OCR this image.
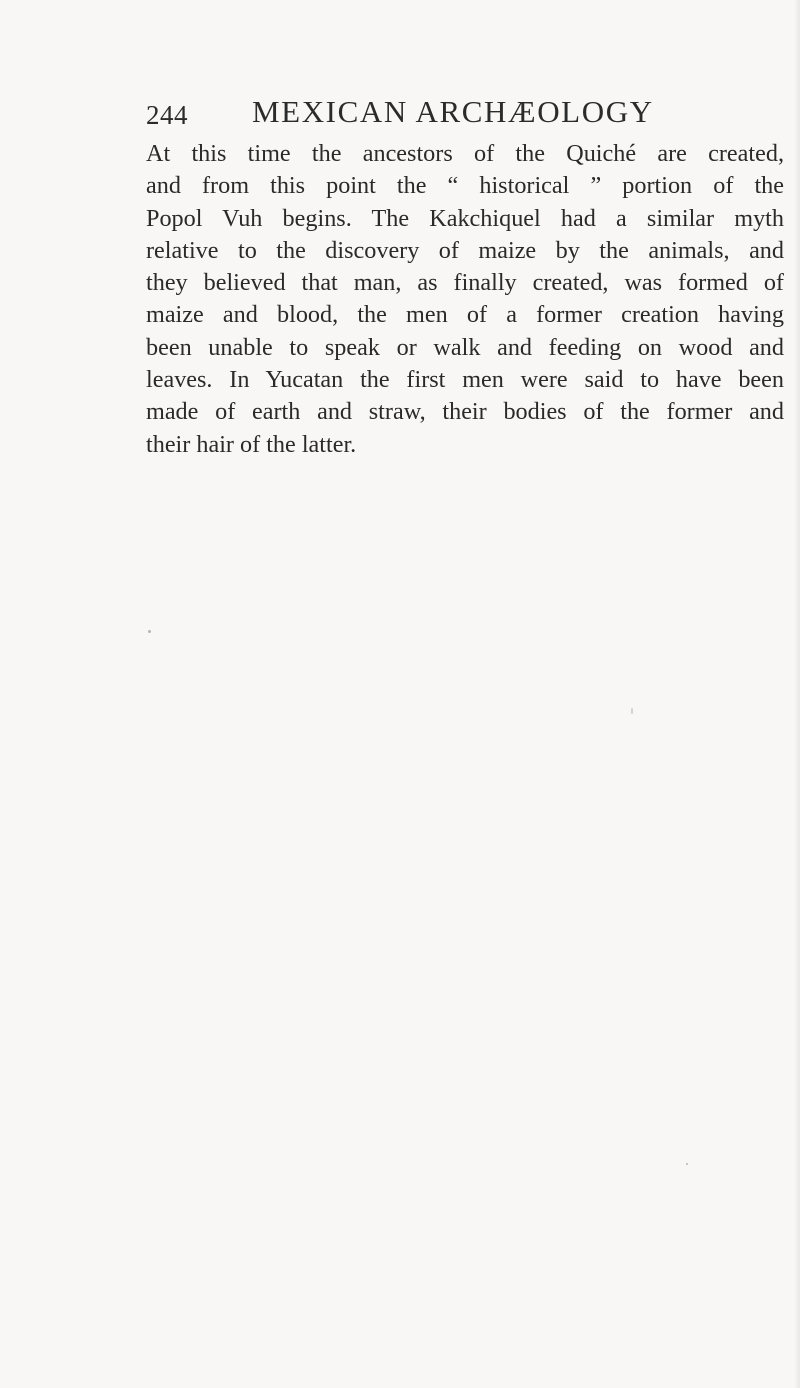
244 MEXICAN ARCHÆOLOGY
At this time the ancestors of the Quiché are created,
and from this point the “ historical ” portion of the
Popol Vuh begins. The Kakchiquel had a similar myth
relative to the discovery of maize by the animals, and
they believed that man, as finally created, was formed of
maize and blood, the men of a former creation having
been unable to speak or walk and feeding on wood and
leaves. In Yucatan the first men were said to have been
made of earth and straw, their bodies of the former and
their hair of the latter.
